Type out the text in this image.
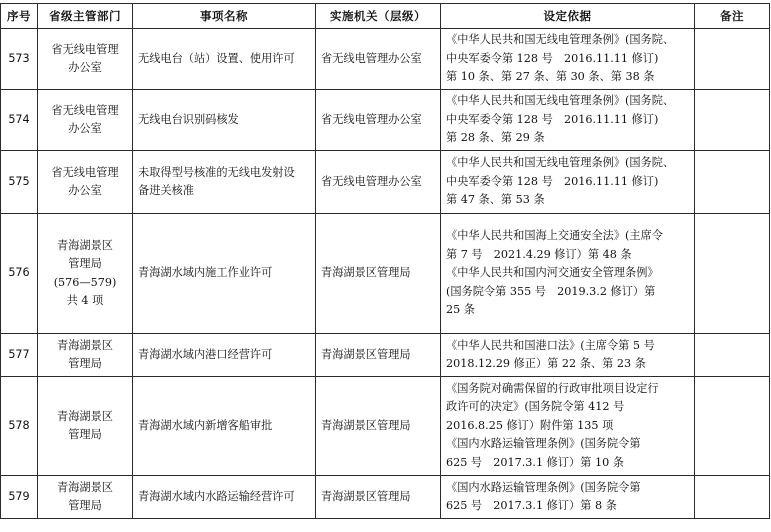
序号	省级主管部门	事项名称	实施机关（层级）	设定依据	备注
573	省无线电管理
办公室	无线电台（站）设置、使用许可	省无线电管理办公室	《中华人民共和国无线电管理条例》(国务院、
中央军委令第 128 号　2016.11.11 修订)
第 10 条、第 27 条、第 30 条、第 38 条	

574	省无线电管理
办公室	无线电台识别码核发	省无线电管理办公室	《中华人民共和国无线电管理条例》(国务院、
中央军委令第 128 号　2016.11.11 修订)
第 28 条、第 29 条	

575	省无线电管理
办公室	未取得型号核准的无线电发射设
备进关核准	省无线电管理办公室	《中华人民共和国无线电管理条例》(国务院、
中央军委令第 128 号　2016.11.11 修订)
第 47 条、第 53 条	

576	青海湖景区
管理局
(576—579)
共 4 项	青海湖水域内施工作业许可	青海湖景区管理局	《中华人民共和国海上交通安全法》(主席令
第 7 号　2021.4.29 修订）第 48 条
《中华人民共和国内河交通安全管理条例》
(国务院令第 355 号　2019.3.2 修订）第
25 条	

577	青海湖景区
管理局	青海湖水域内港口经营许可	青海湖景区管理局	《中华人民共和国港口法》(主席令第 5 号
2018.12.29 修正）第 22 条、第 23 条	

578	青海湖景区
管理局	青海湖水域内新增客船审批	青海湖景区管理局	《国务院对确需保留的行政审批项目设定行
政许可的决定》(国务院令第 412 号
2016.8.25 修订）附件第 135 项
《国内水路运输管理条例》(国务院令第
625 号　2017.3.1 修订）第 10 条	

579	青海湖景区
管理局	青海湖水域内水路运输经营许可	青海湖景区管理局	《国内水路运输管理条例》(国务院令第
625 号　2017.3.1 修订）第 8 条	
